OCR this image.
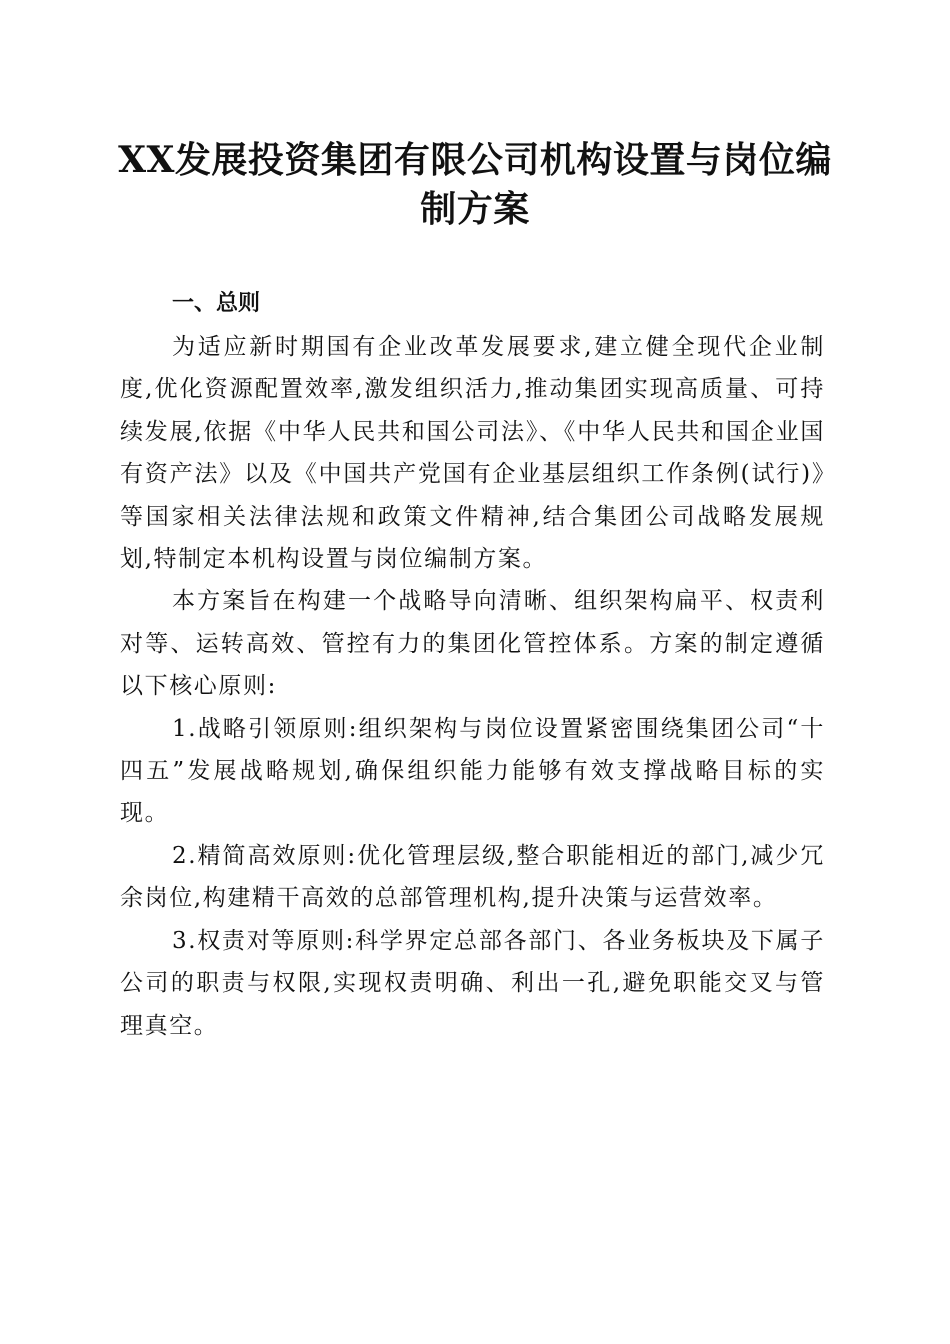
XX发展投资集团有限公司机构设置与岗位编制方案
一、总则

为适应新时期国有企业改革发展要求,建立健全现代企业制度,优化资源配置效率,激发组织活力,推动集团实现高质量、可持续发展,依据《中华人民共和国公司法》、《中华人民共和国企业国有资产法》以及《中国共产党国有企业基层组织工作条例(试行)》等国家相关法律法规和政策文件精神,结合集团公司战略发展规划,特制定本机构设置与岗位编制方案。

本方案旨在构建一个战略导向清晰、组织架构扁平、权责利对等、运转高效、管控有力的集团化管控体系。方案的制定遵循以下核心原则:

1.战略引领原则:组织架构与岗位设置紧密围绕集团公司“十四五”发展战略规划,确保组织能力能够有效支撑战略目标的实现。

2.精简高效原则:优化管理层级,整合职能相近的部门,减少冗余岗位,构建精干高效的总部管理机构,提升决策与运营效率。

3.权责对等原则:科学界定总部各部门、各业务板块及下属子公司的职责与权限,实现权责明确、利出一孔,避免职能交叉与管理真空。
